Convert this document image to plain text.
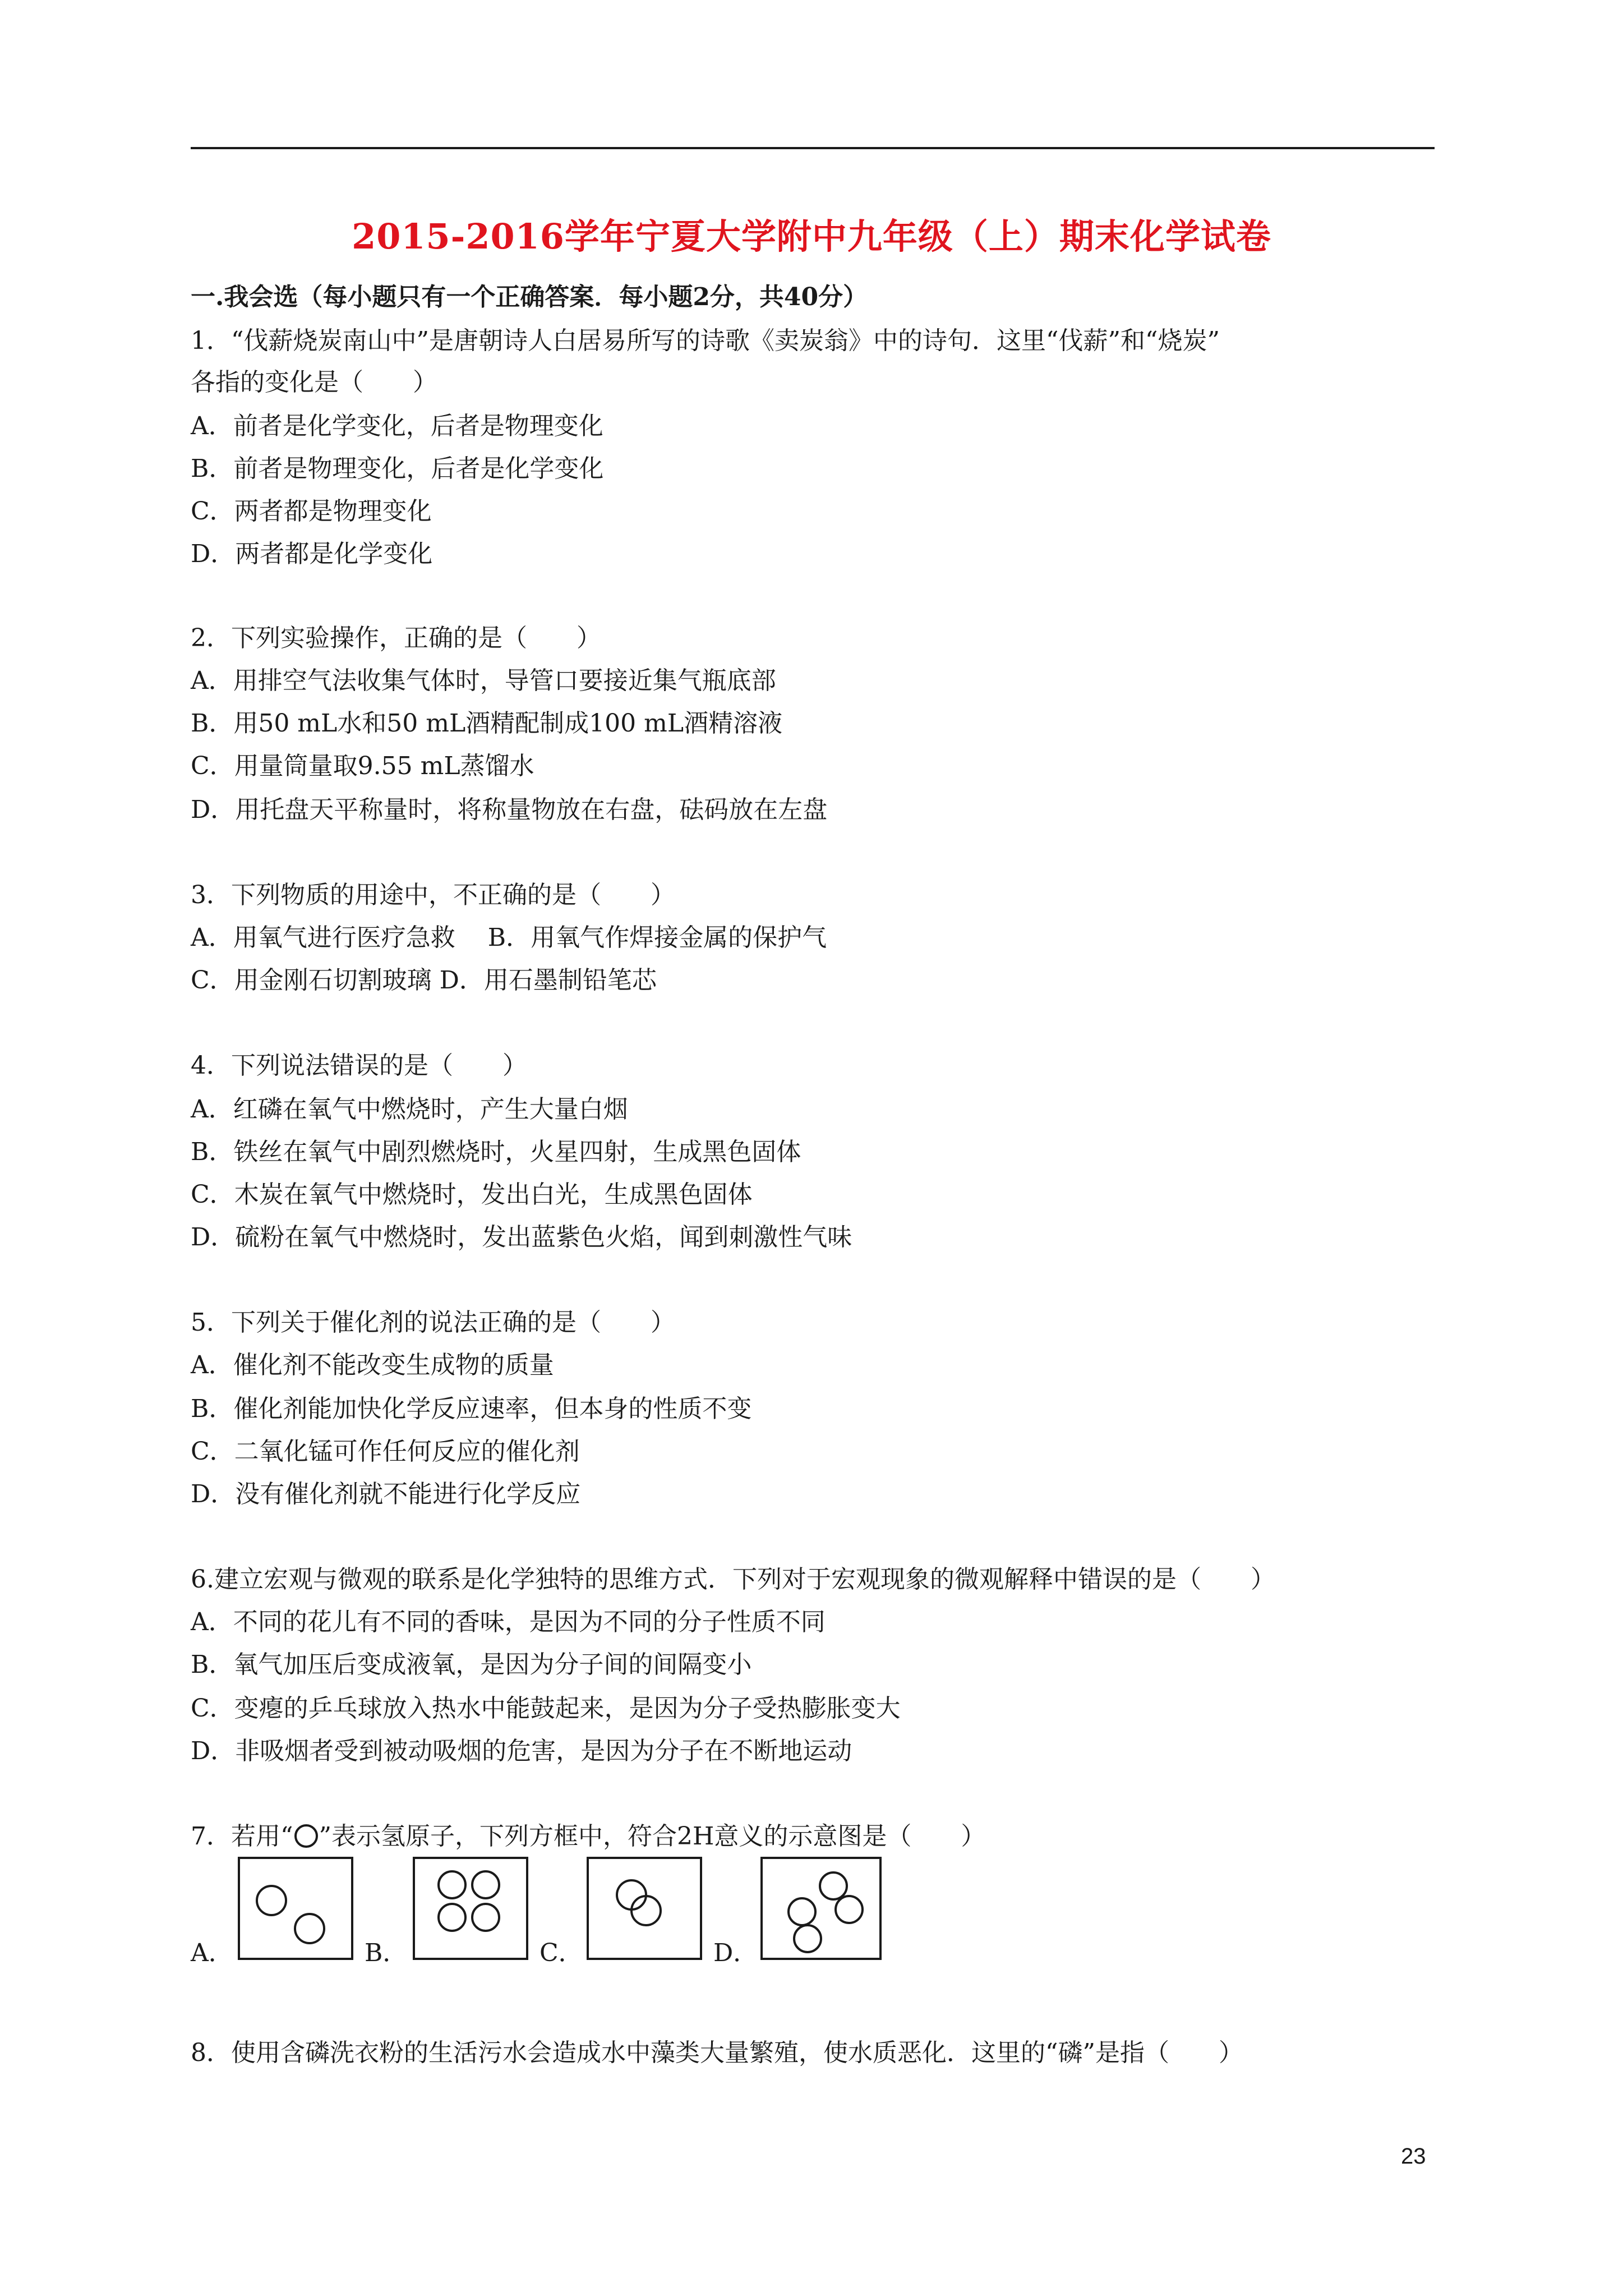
2015-2016学年宁夏大学附中九年级（上）期末化学试卷
一.我会选（每小题只有一个正确答案．每小题2分，共40分）
1．“伐薪烧炭南山中”是唐朝诗人白居易所写的诗歌《卖炭翁》中的诗句．这里“伐薪”和“烧炭”
各指的变化是（　　）
A．前者是化学变化，后者是物理变化
B．前者是物理变化，后者是化学变化
C．两者都是物理变化
D．两者都是化学变化
2．下列实验操作，正确的是（　　）
A．用排空气法收集气体时，导管口要接近集气瓶底部
B．用50 mL水和50 mL酒精配制成100 mL酒精溶液
C．用量筒量取9.55 mL蒸馏水
D．用托盘天平称量时，将称量物放在右盘，砝码放在左盘
3．下列物质的用途中，不正确的是（　　）
A．用氧气进行医疗急救　 B．用氧气作焊接金属的保护气
C．用金刚石切割玻璃 D．用石墨制铅笔芯
4．下列说法错误的是（　　）
A．红磷在氧气中燃烧时，产生大量白烟
B．铁丝在氧气中剧烈燃烧时，火星四射，生成黑色固体
C．木炭在氧气中燃烧时，发出白光，生成黑色固体
D．硫粉在氧气中燃烧时，发出蓝紫色火焰，闻到刺激性气味
5．下列关于催化剂的说法正确的是（　　）
A．催化剂不能改变生成物的质量
B．催化剂能加快化学反应速率，但本身的性质不变
C．二氧化锰可作任何反应的催化剂
D．没有催化剂就不能进行化学反应
6.建立宏观与微观的联系是化学独特的思维方式．下列对于宏观现象的微观解释中错误的是（　　）
A．不同的花儿有不同的香味，是因为不同的分子性质不同
B．氧气加压后变成液氧，是因为分子间的间隔变小
C．变瘪的乒乓球放入热水中能鼓起来，是因为分子受热膨胀变大
D．非吸烟者受到被动吸烟的危害，是因为分子在不断地运动
7．若用“ ”表示氢原子，下列方框中，符合2H意义的示意图是（　　）
A．	B．	C．	D．
8．使用含磷洗衣粉的生活污水会造成水中藻类大量繁殖，使水质恶化．这里的“磷”是指（　　）
23
